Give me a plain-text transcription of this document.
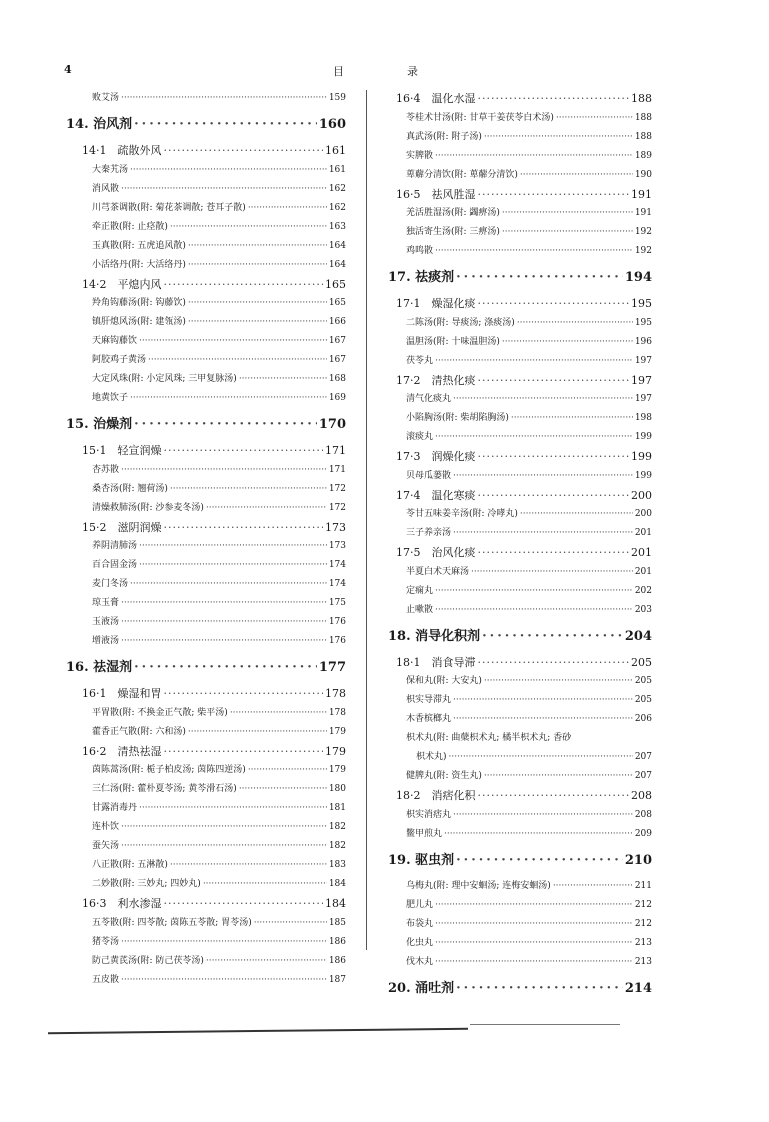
4	目　录
败艾汤 ·····	159
14. 治风剂 ·····	160
14·1　疏散外风 ·····	161
大秦艽汤 ·····	161
消风散 ·····	162
川芎茶调散(附: 菊花茶调散; 苍耳子散) ·····	162
牵正散(附: 止痉散) ·····	163
玉真散(附: 五虎追风散) ·····	164
小活络丹(附: 大活络丹) ·····	164
14·2　平熄内风 ·····	165
羚角钩藤汤(附: 钩藤饮) ·····	165
镇肝熄风汤(附: 建瓴汤) ·····	166
天麻钩藤饮 ·····	167
阿胶鸡子黄汤 ·····	167
大定风珠(附: 小定风珠; 三甲复脉汤) ·····	168
地黄饮子 ·····	169
15. 治燥剂 ·····	170
15·1　轻宣润燥 ·····	171
杏苏散 ·····	171
桑杏汤(附: 翘荷汤) ·····	172
清燥救肺汤(附: 沙参麦冬汤) ·····	172
15·2　滋阴润燥 ·····	173
养阴清肺汤 ·····	173
百合固金汤 ·····	174
麦门冬汤 ·····	174
琼玉膏 ·····	175
玉液汤 ·····	176
增液汤 ·····	176
16. 祛湿剂 ·····	177
16·1　燥湿和胃 ·····	178
平胃散(附: 不换金正气散; 柴平汤) ·····	178
藿香正气散(附: 六和汤) ·····	179
16·2　清热祛湿 ·····	179
茵陈蒿汤(附: 栀子柏皮汤; 茵陈四逆汤) ·····	179
三仁汤(附: 藿朴夏苓汤; 黄芩滑石汤) ·····	180
甘露消毒丹 ·····	181
连朴饮 ·····	182
蚕矢汤 ·····	182
八正散(附: 五淋散) ·····	183
二妙散(附: 三妙丸; 四妙丸) ·····	184
16·3　利水渗湿 ·····	184
五苓散(附: 四苓散; 茵陈五苓散; 胃苓汤) ·····	185
猪苓汤 ·····	186
防己黄芪汤(附: 防己茯苓汤) ·····	186
五皮散 ·····	187
16·4　温化水湿 ·····	188
苓桂术甘汤(附: 甘草干姜茯苓白术汤) ·····	188
真武汤(附: 附子汤) ·····	188
实脾散 ·····	189
萆薢分清饮(附: 萆薢分清饮) ·····	190
16·5　祛风胜湿 ·····	191
羌活胜湿汤(附: 蠲痹汤) ·····	191
独活寄生汤(附: 三痹汤) ·····	192
鸡鸣散 ·····	192
17. 祛痰剂 ·····	194
17·1　燥湿化痰 ·····	195
二陈汤(附: 导痰汤; 涤痰汤) ·····	195
温胆汤(附: 十味温胆汤) ·····	196
茯苓丸 ·····	197
17·2　清热化痰 ·····	197
清气化痰丸 ·····	197
小陷胸汤(附: 柴胡陷胸汤) ·····	198
滚痰丸 ·····	199
17·3　润燥化痰 ·····	199
贝母瓜蒌散 ·····	199
17·4　温化寒痰 ·····	200
苓甘五味姜辛汤(附: 冷哮丸) ·····	200
三子养亲汤 ·····	201
17·5　治风化痰 ·····	201
半夏白术天麻汤 ·····	201
定痫丸 ·····	202
止嗽散 ·····	203
18. 消导化积剂 ·····	204
18·1　消食导滞 ·····	205
保和丸(附: 大安丸) ·····	205
枳实导滞丸 ·····	205
木香槟榔丸 ·····	206
枳术丸(附: 曲蘖枳术丸; 橘半枳术丸; 香砂
枳术丸) ·····	207
健脾丸(附: 资生丸) ·····	207
18·2　消痞化积 ·····	208
枳实消痞丸 ·····	208
鳖甲煎丸 ·····	209
19. 驱虫剂 ·····	210
乌梅丸(附: 理中安蛔汤; 连梅安蛔汤) ·····	211
肥儿丸 ·····	212
布袋丸 ·····	212
化虫丸 ·····	213
伐木丸 ·····	213
20. 涌吐剂 ·····	214
